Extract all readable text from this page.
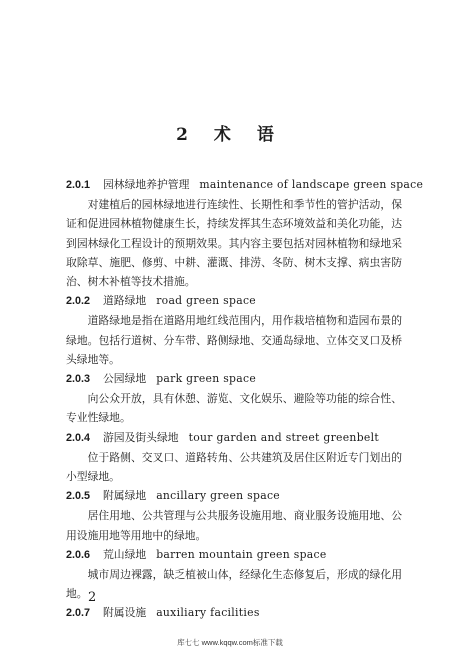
2 术 语

2.0.1 园林绿地养护管理 maintenance of landscape green space

对建植后的园林绿地进行连续性、长期性和季节性的管护活动，保证和促进园林植物健康生长，持续发挥其生态环境效益和美化功能，达到园林绿化工程设计的预期效果。其内容主要包括对园林植物和绿地采取除草、施肥、修剪、中耕、灌溉、排涝、冬防、树木支撑、病虫害防治、树木补植等技术措施。

2.0.2 道路绿地 road green space

道路绿地是指在道路用地红线范围内，用作栽培植物和造园布景的绿地。包括行道树、分车带、路侧绿地、交通岛绿地、立体交叉口及桥头绿地等。

2.0.3 公园绿地 park green space

向公众开放，具有休憩、游览、文化娱乐、避险等功能的综合性、专业性绿地。

2.0.4 游园及街头绿地 tour garden and street greenbelt

位于路侧、交叉口、道路转角、公共建筑及居住区附近专门划出的小型绿地。

2.0.5 附属绿地 ancillary green space

居住用地、公共管理与公共服务设施用地、商业服务设施用地、公用设施用地等用地中的绿地。

2.0.6 荒山绿地 barren mountain green space

城市周边裸露，缺乏植被山体，经绿化生态修复后，形成的绿化用地。

2.0.7 附属设施 auxiliary facilities

2

库七七 www.kqqw.com标准下载
